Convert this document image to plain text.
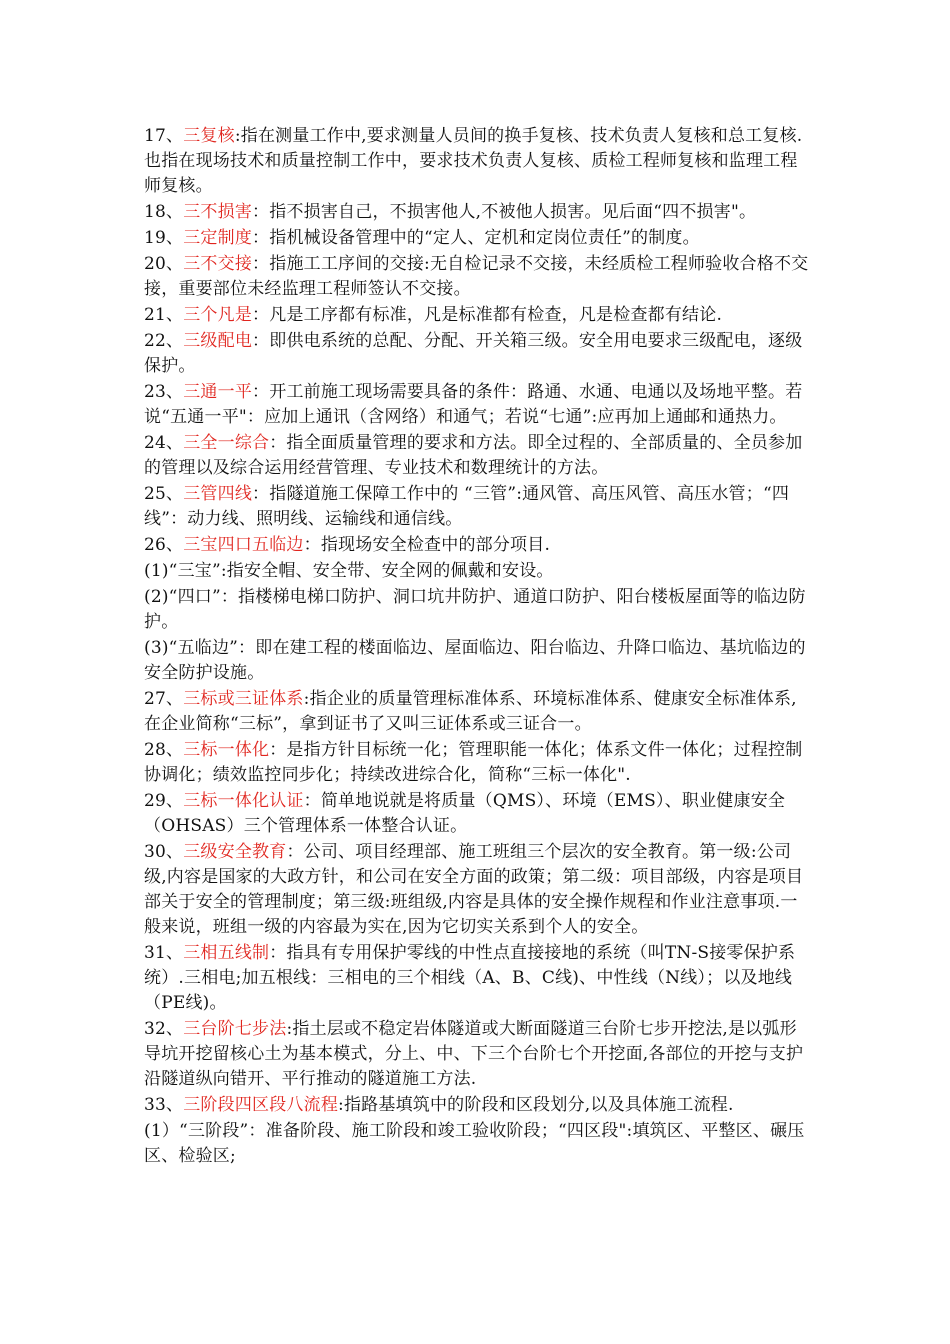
17、三复核:指在测量工作中,要求测量人员间的换手复核、技术负责人复核和总工复核.也指在现场技术和质量控制工作中，要求技术负责人复核、质检工程师复核和监理工程师复核。

18、三不损害：指不损害自己，不损害他人,不被他人损害。见后面“四不损害"。

19、三定制度：指机械设备管理中的“定人、定机和定岗位责任”的制度。

20、三不交接：指施工工序间的交接:无自检记录不交接，未经质检工程师验收合格不交接，重要部位未经监理工程师签认不交接。

21、三个凡是：凡是工序都有标准，凡是标准都有检查，凡是检查都有结论.

22、三级配电：即供电系统的总配、分配、开关箱三级。安全用电要求三级配电，逐级保护。

23、三通一平：开工前施工现场需要具备的条件：路通、水通、电通以及场地平整。若说“五通一平"：应加上通讯（含网络）和通气；若说“七通”:应再加上通邮和通热力。

24、三全一综合：指全面质量管理的要求和方法。即全过程的、全部质量的、全员参加的管理以及综合运用经营管理、专业技术和数理统计的方法。

25、三管四线：指隧道施工保障工作中的 “三管”:通风管、高压风管、高压水管；“四线”：动力线、照明线、运输线和通信线。

26、三宝四口五临边：指现场安全检查中的部分项目.

(1)“三宝”:指安全帽、安全带、安全网的佩戴和安设。

(2)“四口”：指楼梯电梯口防护、洞口坑井防护、通道口防护、阳台楼板屋面等的临边防护。

(3)“五临边”：即在建工程的楼面临边、屋面临边、阳台临边、升降口临边、基坑临边的安全防护设施。

27、三标或三证体系:指企业的质量管理标准体系、环境标准体系、健康安全标准体系,在企业简称“三标”，拿到证书了又叫三证体系或三证合一。

28、三标一体化：是指方针目标统一化；管理职能一体化；体系文件一体化；过程控制协调化；绩效监控同步化；持续改进综合化，简称“三标一体化".

29、三标一体化认证：简单地说就是将质量（QMS）、环境（EMS）、职业健康安全（OHSAS）三个管理体系一体整合认证。

30、三级安全教育：公司、项目经理部、施工班组三个层次的安全教育。第一级:公司级,内容是国家的大政方针，和公司在安全方面的政策；第二级：项目部级，内容是项目部关于安全的管理制度；第三级:班组级,内容是具体的安全操作规程和作业注意事项.一般来说，班组一级的内容最为实在,因为它切实关系到个人的安全。

31、三相五线制：指具有专用保护零线的中性点直接接地的系统（叫TN-S接零保护系统）.三相电;加五根线：三相电的三个相线（A、B、C线)、中性线（N线）；以及地线（PE线)。

32、三台阶七步法:指土层或不稳定岩体隧道或大断面隧道三台阶七步开挖法,是以弧形导坑开挖留核心土为基本模式，分上、中、下三个台阶七个开挖面,各部位的开挖与支护沿隧道纵向错开、平行推动的隧道施工方法.

33、三阶段四区段八流程:指路基填筑中的阶段和区段划分,以及具体施工流程.

(1）“三阶段”：准备阶段、施工阶段和竣工验收阶段；“四区段":填筑区、平整区、碾压区、检验区;
